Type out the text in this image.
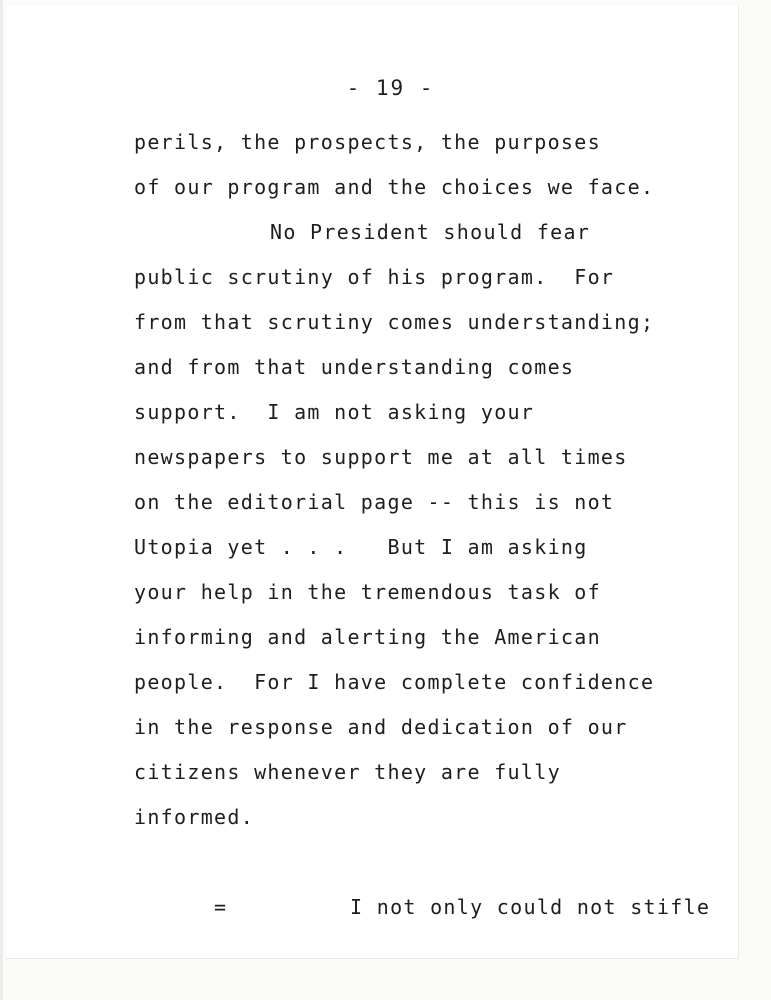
- 19 -
perils, the prospects, the purposes
of our program and the choices we face.
No President should fear
public scrutiny of his program.  For
from that scrutiny comes understanding;
and from that understanding comes
support.  I am not asking your
newspapers to support me at all times
on the editorial page -- this is not
Utopia yet . . .   But I am asking
your help in the tremendous task of
informing and alerting the American
people.  For I have complete confidence
in the response and dedication of our
citizens whenever they are fully
informed.

=	I not only could not stifle
